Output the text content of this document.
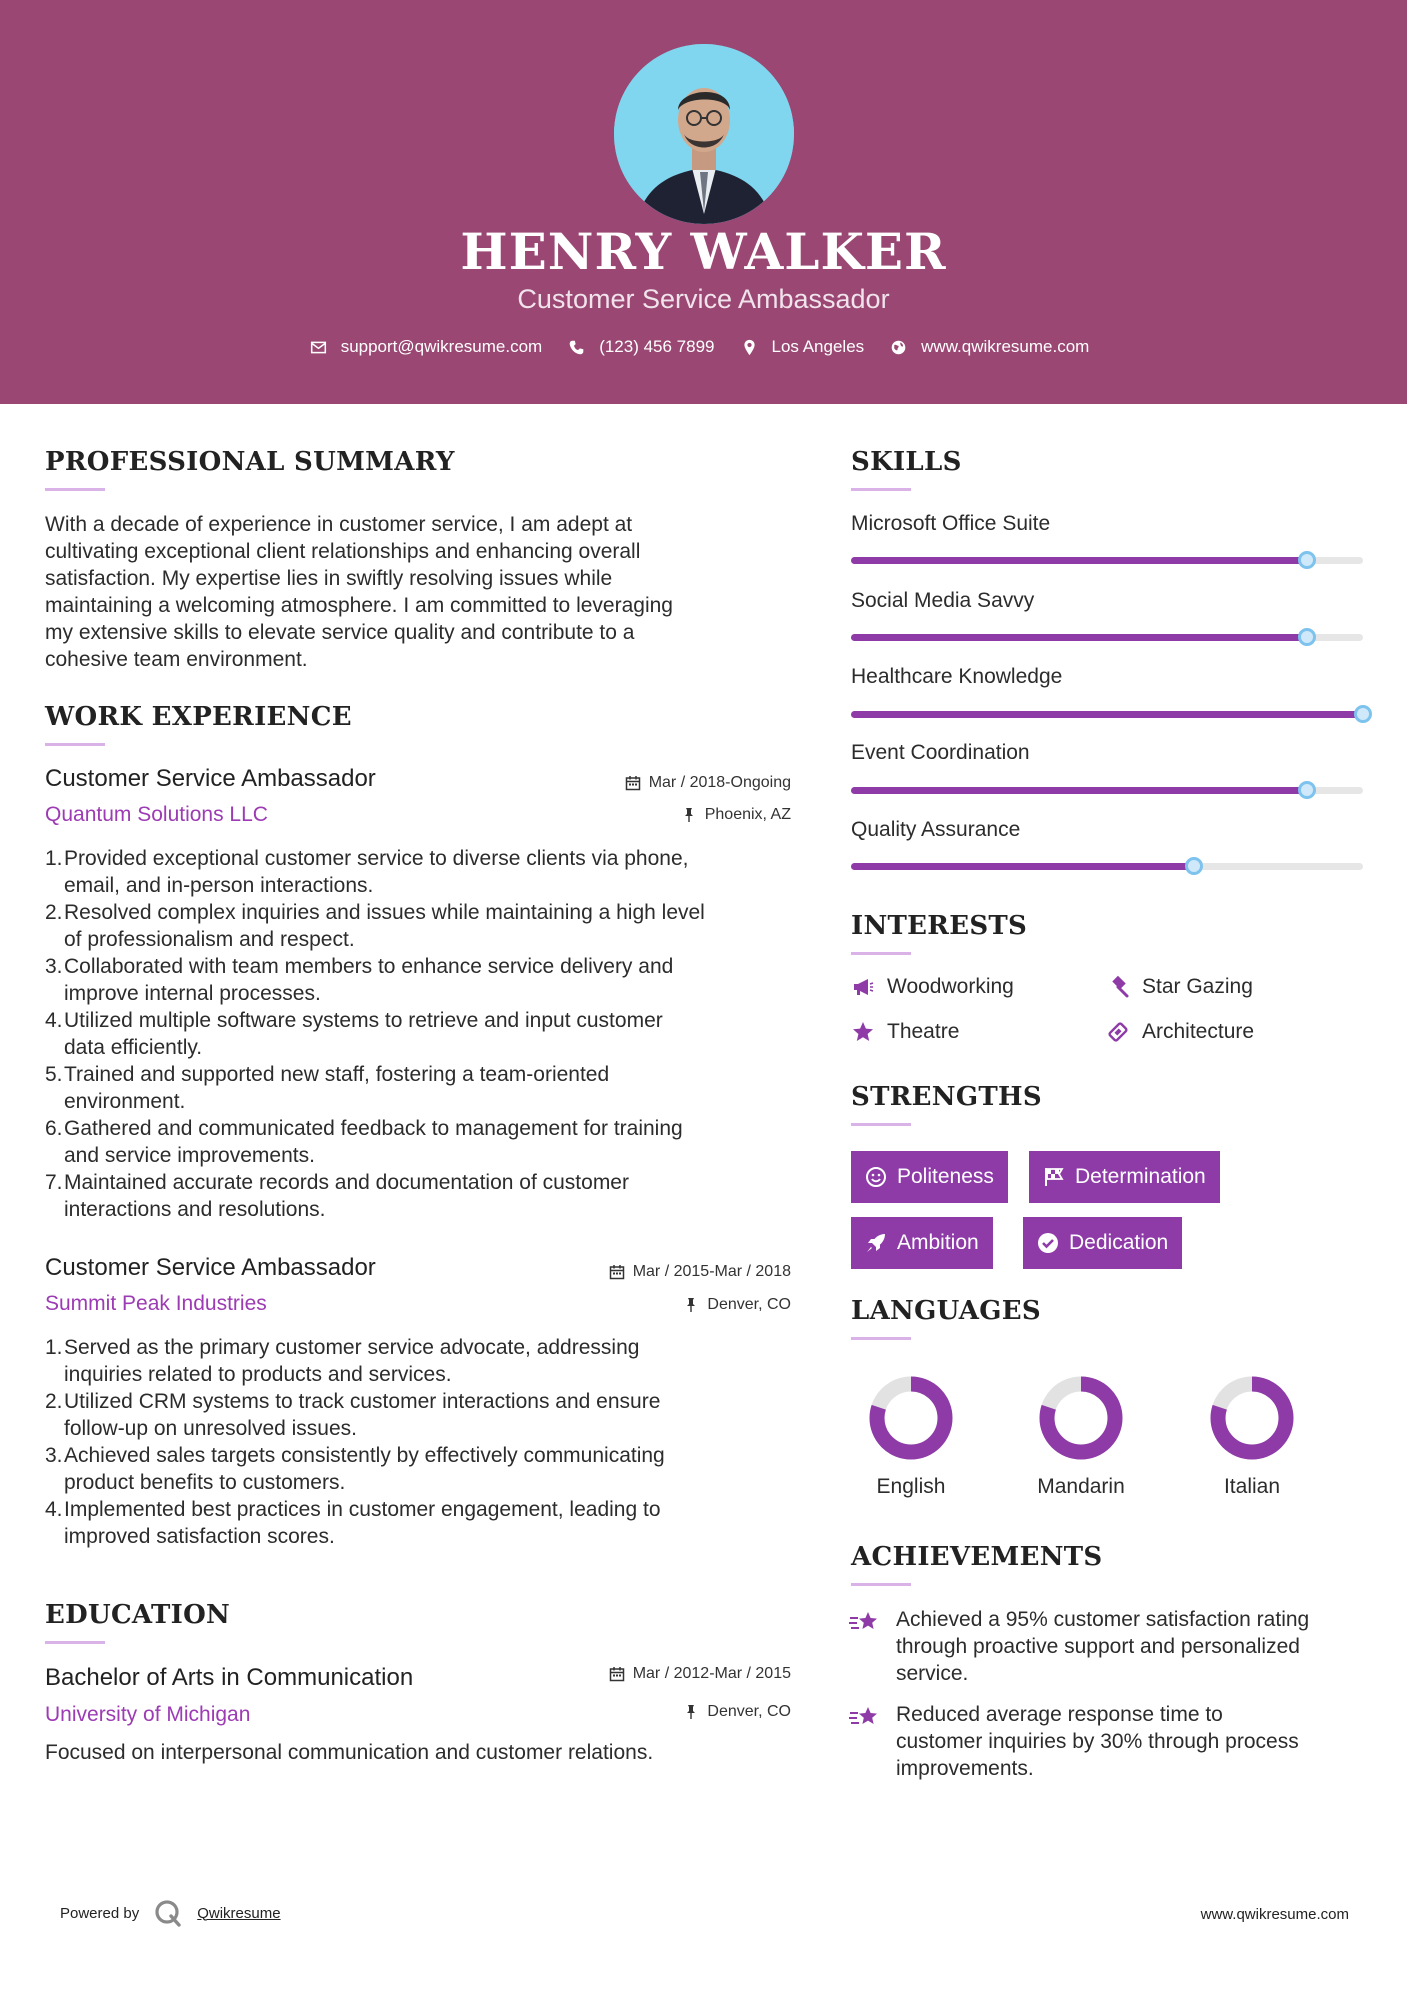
HENRY WALKER
Customer Service Ambassador
support@qwikresume.com	(123) 456 7899	Los Angeles	www.qwikresume.com
PROFESSIONAL SUMMARY
With a decade of experience in customer service, I am adept at
cultivating exceptional client relationships and enhancing overall
satisfaction. My expertise lies in swiftly resolving issues while
maintaining a welcoming atmosphere. I am committed to leveraging
my extensive skills to elevate service quality and contribute to a
cohesive team environment.
WORK EXPERIENCE
Customer Service Ambassador
Quantum Solutions LLC
Mar / 2018-Ongoing
Phoenix, AZ
1. Provided exceptional customer service to diverse clients via phone,
email, and in-person interactions.
2. Resolved complex inquiries and issues while maintaining a high level
of professionalism and respect.
3. Collaborated with team members to enhance service delivery and
improve internal processes.
4. Utilized multiple software systems to retrieve and input customer
data efficiently.
5. Trained and supported new staff, fostering a team-oriented
environment.
6. Gathered and communicated feedback to management for training
and service improvements.
7. Maintained accurate records and documentation of customer
interactions and resolutions.
Customer Service Ambassador
Summit Peak Industries
Mar / 2015-Mar / 2018
Denver, CO
1. Served as the primary customer service advocate, addressing
inquiries related to products and services.
2. Utilized CRM systems to track customer interactions and ensure
follow-up on unresolved issues.
3. Achieved sales targets consistently by effectively communicating
product benefits to customers.
4. Implemented best practices in customer engagement, leading to
improved satisfaction scores.
EDUCATION
Bachelor of Arts in Communication
University of Michigan
Mar / 2012-Mar / 2015
Denver, CO
Focused on interpersonal communication and customer relations.
SKILLS
Microsoft Office Suite
Social Media Savvy
Healthcare Knowledge
Event Coordination
Quality Assurance
INTERESTS
Woodworking	Star Gazing
Theatre	Architecture
STRENGTHS
Politeness	Determination
Ambition	Dedication
LANGUAGES
English	Mandarin	Italian
ACHIEVEMENTS
Achieved a 95% customer satisfaction rating
through proactive support and personalized
service.
Reduced average response time to
customer inquiries by 30% through process
improvements.
Powered by	Qwikresume	www.qwikresume.com
